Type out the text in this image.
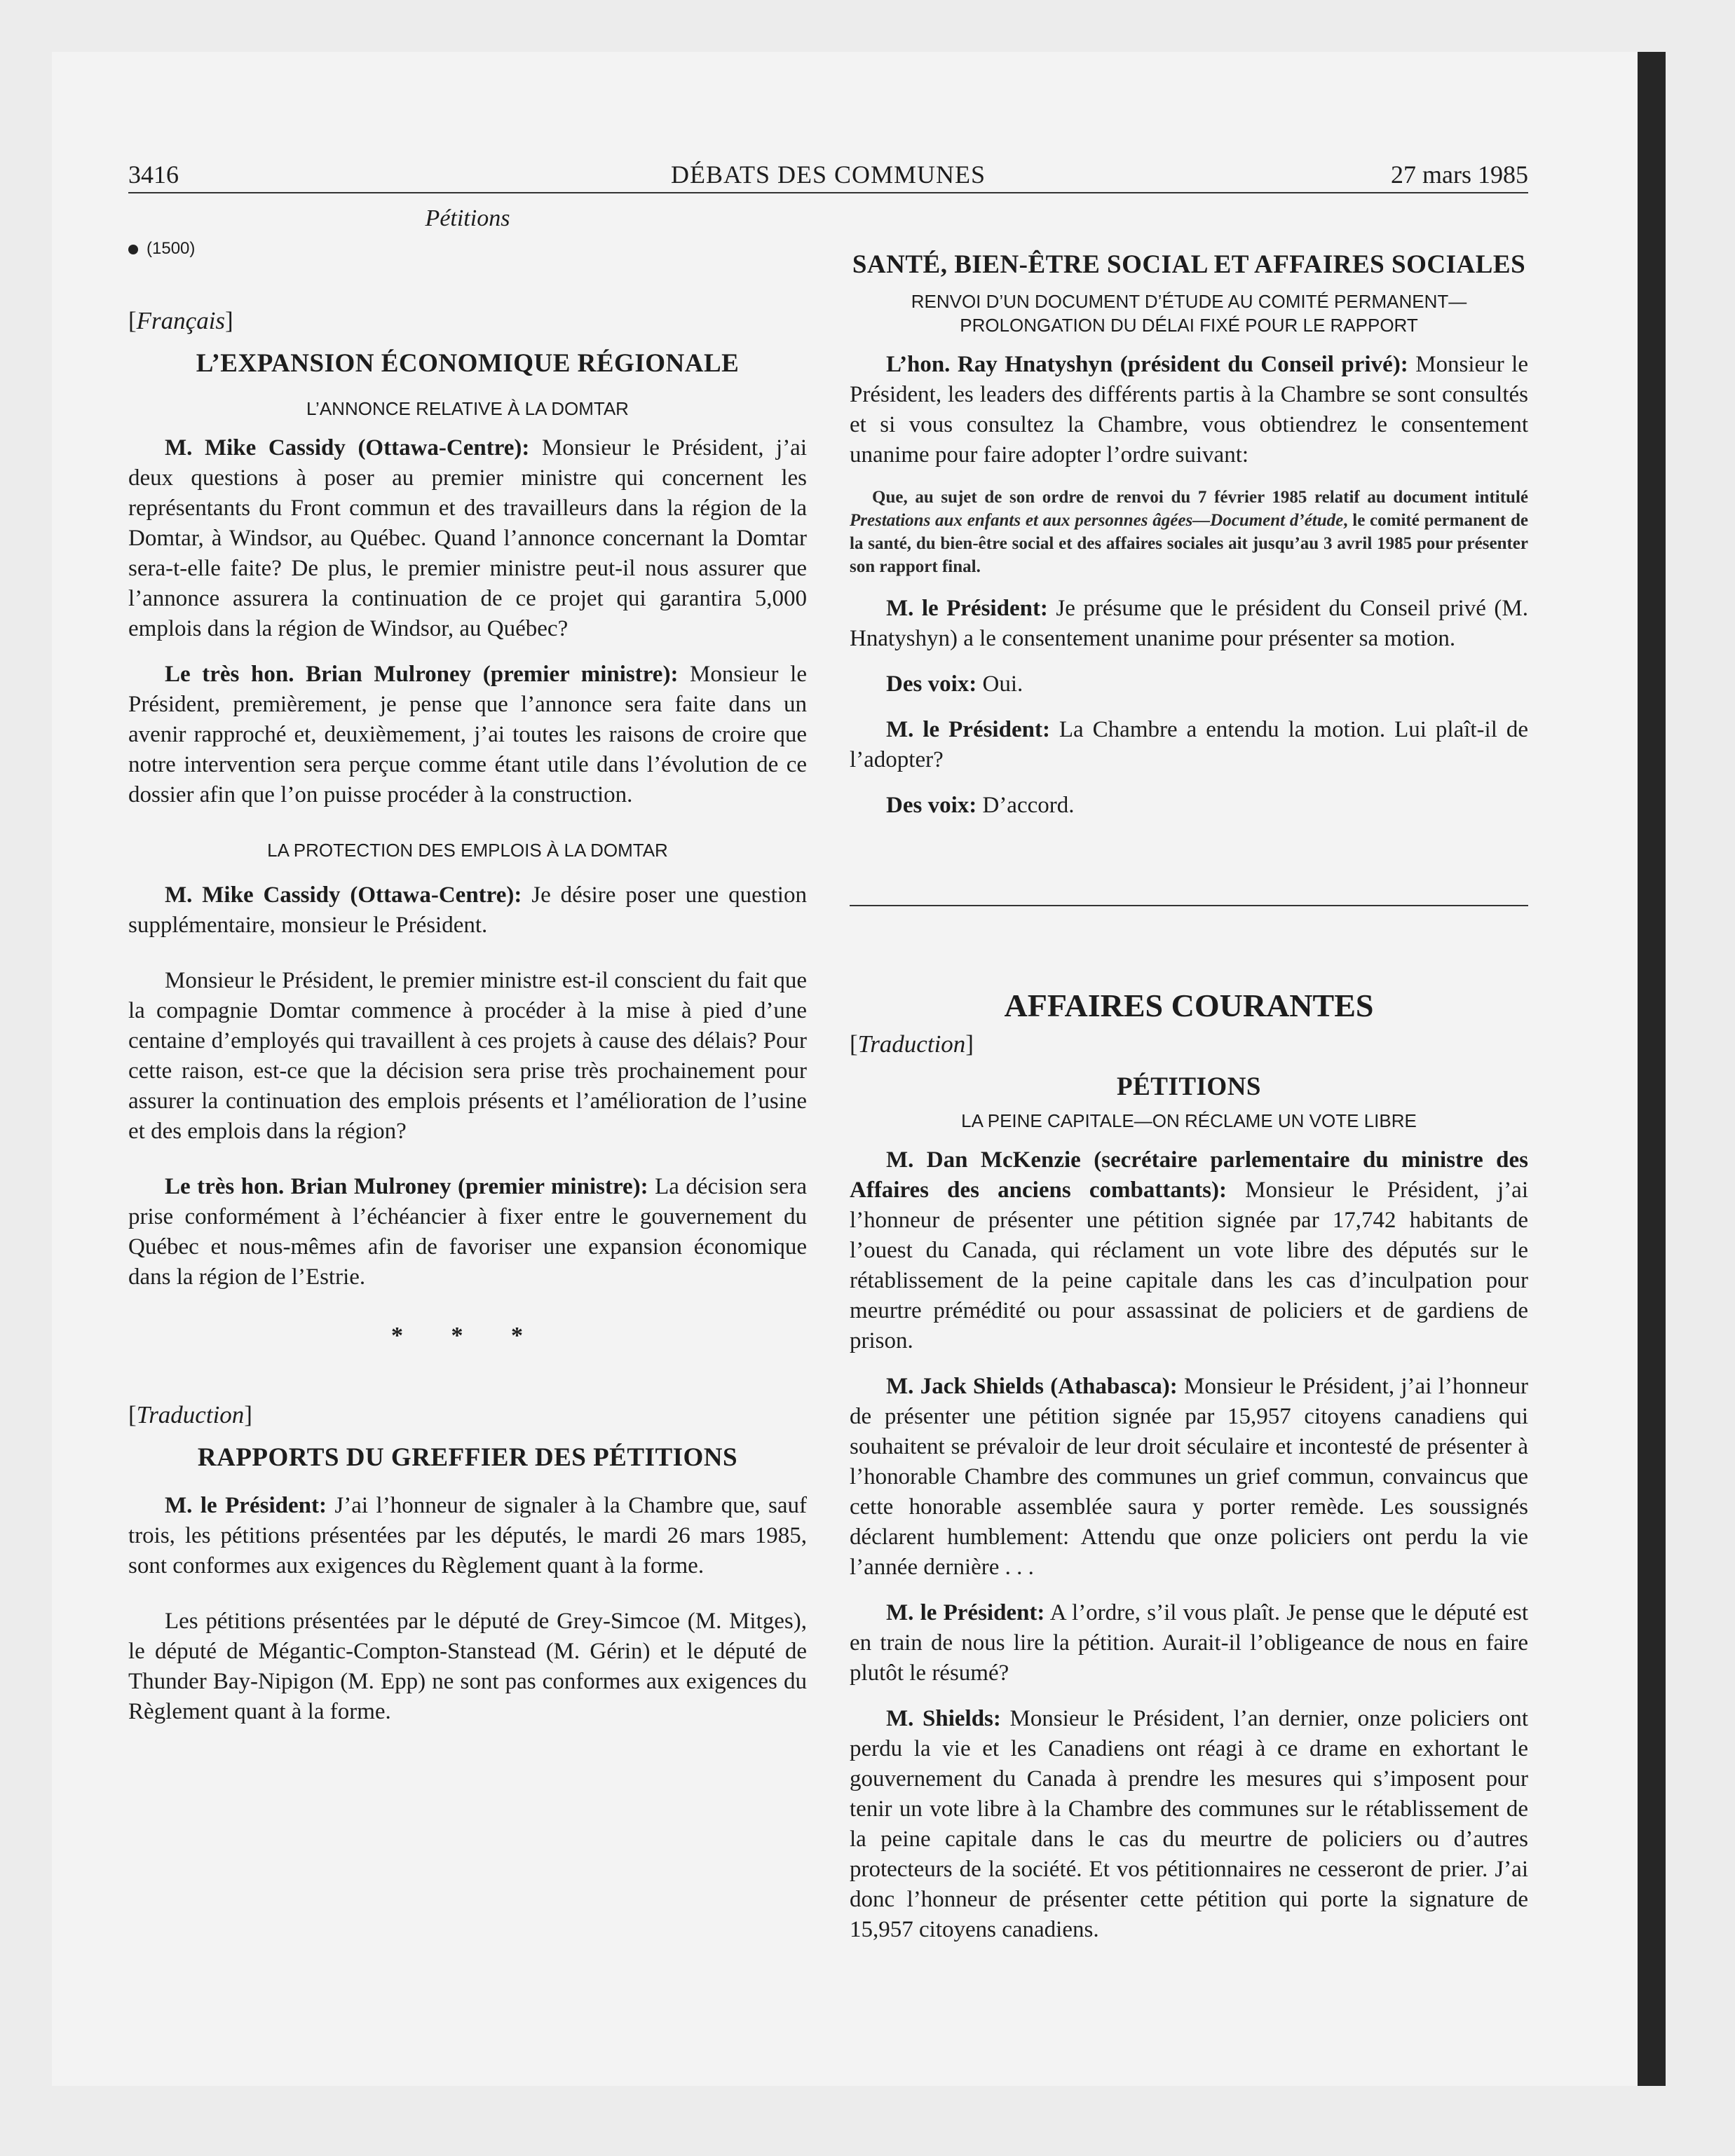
3416	DÉBATS DES COMMUNES	27 mars 1985

Pétitions

(1500)

[Français]

L’EXPANSION ÉCONOMIQUE RÉGIONALE

L’ANNONCE RELATIVE À LA DOMTAR

M. Mike Cassidy (Ottawa-Centre): Monsieur le Président, j’ai deux questions à poser au premier ministre qui concernent les représentants du Front commun et des travailleurs dans la région de la Domtar, à Windsor, au Québec. Quand l’annonce concernant la Domtar sera-t-elle faite? De plus, le premier ministre peut-il nous assurer que l’annonce assurera la continuation de ce projet qui garantira 5,000 emplois dans la région de Windsor, au Québec?

Le très hon. Brian Mulroney (premier ministre): Monsieur le Président, premièrement, je pense que l’annonce sera faite dans un avenir rapproché et, deuxièmement, j’ai toutes les raisons de croire que notre intervention sera perçue comme étant utile dans l’évolution de ce dossier afin que l’on puisse procéder à la construction.

LA PROTECTION DES EMPLOIS À LA DOMTAR

M. Mike Cassidy (Ottawa-Centre): Je désire poser une question supplémentaire, monsieur le Président.

Monsieur le Président, le premier ministre est-il conscient du fait que la compagnie Domtar commence à procéder à la mise à pied d’une centaine d’employés qui travaillent à ces projets à cause des délais? Pour cette raison, est-ce que la décision sera prise très prochainement pour assurer la continuation des emplois présents et l’amélioration de l’usine et des emplois dans la région?

Le très hon. Brian Mulroney (premier ministre): La décision sera prise conformément à l’échéancier à fixer entre le gouvernement du Québec et nous-mêmes afin de favoriser une expansion économique dans la région de l’Estrie.

* * *

[Traduction]

RAPPORTS DU GREFFIER DES PÉTITIONS

M. le Président: J’ai l’honneur de signaler à la Chambre que, sauf trois, les pétitions présentées par les députés, le mardi 26 mars 1985, sont conformes aux exigences du Règlement quant à la forme.

Les pétitions présentées par le député de Grey-Simcoe (M. Mitges), le député de Mégantic-Compton-Stanstead (M. Gérin) et le député de Thunder Bay-Nipigon (M. Epp) ne sont pas conformes aux exigences du Règlement quant à la forme.

SANTÉ, BIEN-ÊTRE SOCIAL ET AFFAIRES SOCIALES

RENVOI D’UN DOCUMENT D’ÉTUDE AU COMITÉ PERMANENT— PROLONGATION DU DÉLAI FIXÉ POUR LE RAPPORT

L’hon. Ray Hnatyshyn (président du Conseil privé): Monsieur le Président, les leaders des différents partis à la Chambre se sont consultés et si vous consultez la Chambre, vous obtiendrez le consentement unanime pour faire adopter l’ordre suivant:

Que, au sujet de son ordre de renvoi du 7 février 1985 relatif au document intitulé Prestations aux enfants et aux personnes âgées—Document d’étude, le comité permanent de la santé, du bien-être social et des affaires sociales ait jusqu’au 3 avril 1985 pour présenter son rapport final.

M. le Président: Je présume que le président du Conseil privé (M. Hnatyshyn) a le consentement unanime pour présenter sa motion.

Des voix: Oui.

M. le Président: La Chambre a entendu la motion. Lui plaît-il de l’adopter?

Des voix: D’accord.

AFFAIRES COURANTES

[Traduction]

PÉTITIONS

LA PEINE CAPITALE—ON RÉCLAME UN VOTE LIBRE

M. Dan McKenzie (secrétaire parlementaire du ministre des Affaires des anciens combattants): Monsieur le Président, j’ai l’honneur de présenter une pétition signée par 17,742 habitants de l’ouest du Canada, qui réclament un vote libre des députés sur le rétablissement de la peine capitale dans les cas d’inculpation pour meurtre prémédité ou pour assassinat de policiers et de gardiens de prison.

M. Jack Shields (Athabasca): Monsieur le Président, j’ai l’honneur de présenter une pétition signée par 15,957 citoyens canadiens qui souhaitent se prévaloir de leur droit séculaire et incontesté de présenter à l’honorable Chambre des communes un grief commun, convaincus que cette honorable assemblée saura y porter remède. Les soussignés déclarent humblement: Attendu que onze policiers ont perdu la vie l’année dernière . . .

M. le Président: A l’ordre, s’il vous plaît. Je pense que le député est en train de nous lire la pétition. Aurait-il l’obligeance de nous en faire plutôt le résumé?

M. Shields: Monsieur le Président, l’an dernier, onze policiers ont perdu la vie et les Canadiens ont réagi à ce drame en exhortant le gouvernement du Canada à prendre les mesures qui s’imposent pour tenir un vote libre à la Chambre des communes sur le rétablissement de la peine capitale dans le cas du meurtre de policiers ou d’autres protecteurs de la société. Et vos pétitionnaires ne cesseront de prier. J’ai donc l’honneur de présenter cette pétition qui porte la signature de 15,957 citoyens canadiens.
